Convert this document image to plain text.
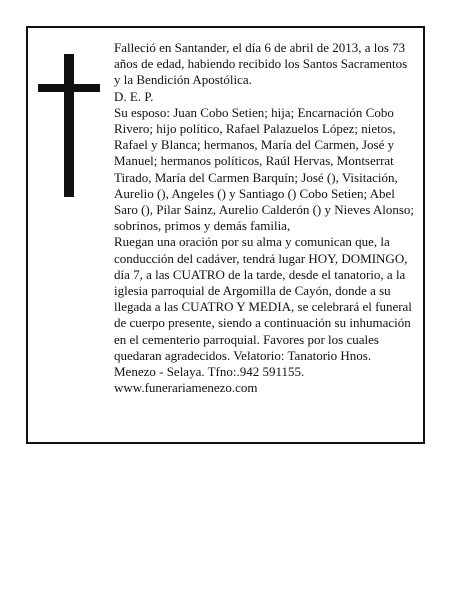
Falleció en Santander, el día 6 de abril de 2013, a los 73 años de edad, habiendo recibido los Santos Sacramentos y la Bendición Apostólica.

D. E. P.

Su esposo: Juan Cobo Setien; hija; Encarnación Cobo Rivero; hijo político, Rafael Palazuelos López; nietos, Rafael y Blanca; hermanos, María del Carmen, José y Manuel; hermanos políticos, Raúl Hervas, Montserrat Tirado, María del Carmen Barquín; José (), Visitación, Aurelio (), Angeles () y Santiago () Cobo Setien; Abel Saro (), Pilar Sainz, Aurelio Calderón () y Nieves Alonso; sobrinos, primos y demás familia,

Ruegan una oración por su alma y comunican que, la conducción del cadáver, tendrá lugar HOY, DOMINGO, día 7, a las CUATRO de la tarde, desde el tanatorio, a la iglesia parroquial de Argomilla de Cayón, donde a su llegada a las CUATRO Y MEDIA, se celebrará el funeral de cuerpo presente, siendo a continuación su inhumación en el cementerio parroquial. Favores por los cuales quedaran agradecidos. Velatorio: Tanatorio Hnos. Menezo - Selaya. Tfno:.942 591155.

www.funerariamenezo.com
